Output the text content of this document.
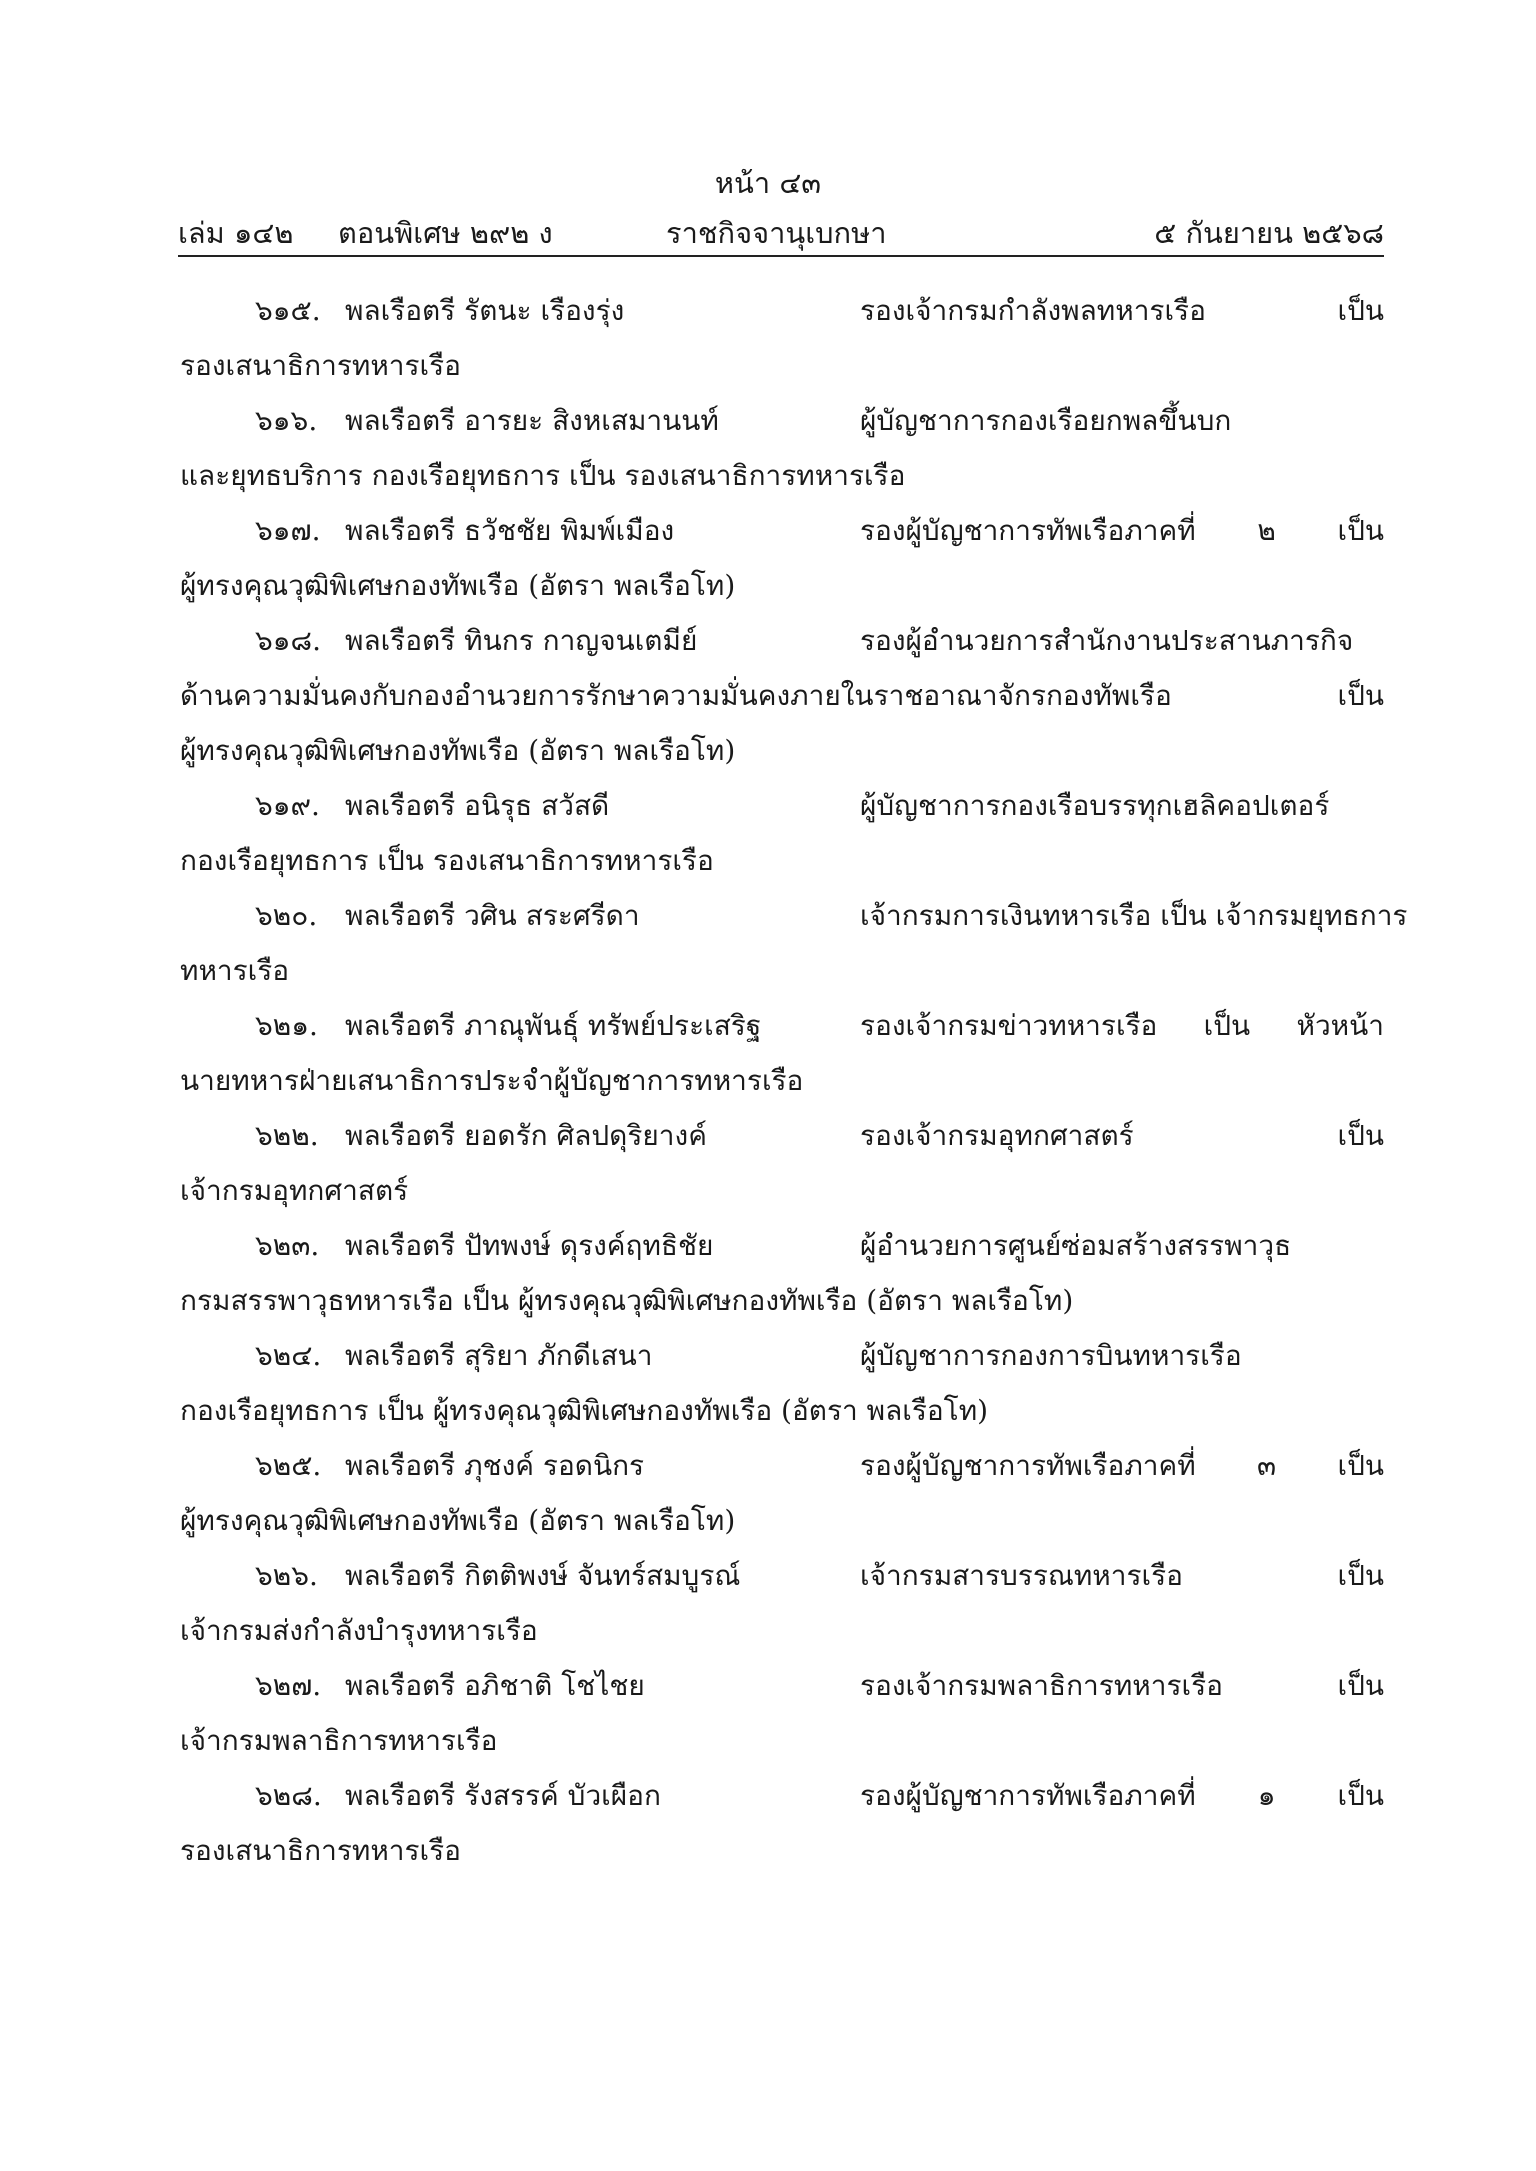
หน้า ๔๓
เล่ม ๑๔๒ ตอนพิเศษ ๒๙๒ ง	ราชกิจจานุเบกษา	๕ กันยายน ๒๕๖๘
๖๑๕. พลเรือตรี รัตนะ เรืองรุ่ง	รองเจ้ากรมกำลังพลทหารเรือ เป็น
รองเสนาธิการทหารเรือ
๖๑๖. พลเรือตรี อารยะ สิงหเสมานนท์	ผู้บัญชาการกองเรือยกพลขึ้นบก
และยุทธบริการ กองเรือยุทธการ เป็น รองเสนาธิการทหารเรือ
๖๑๗. พลเรือตรี ธวัชชัย พิมพ์เมือง	รองผู้บัญชาการทัพเรือภาคที่ ๒ เป็น
ผู้ทรงคุณวุฒิพิเศษกองทัพเรือ (อัตรา พลเรือโท)
๖๑๘. พลเรือตรี ทินกร กาญจนเตมีย์	รองผู้อำนวยการสำนักงานประสานภารกิจ
ด้านความมั่นคงกับกองอำนวยการรักษาความมั่นคงภายในราชอาณาจักรกองทัพเรือ เป็น
ผู้ทรงคุณวุฒิพิเศษกองทัพเรือ (อัตรา พลเรือโท)
๖๑๙. พลเรือตรี อนิรุธ สวัสดี	ผู้บัญชาการกองเรือบรรทุกเฮลิคอปเตอร์
กองเรือยุทธการ เป็น รองเสนาธิการทหารเรือ
๖๒๐. พลเรือตรี วศิน สระศรีดา	เจ้ากรมการเงินทหารเรือ เป็น เจ้ากรมยุทธการ
ทหารเรือ
๖๒๑. พลเรือตรี ภาณุพันธุ์ ทรัพย์ประเสริฐ	รองเจ้ากรมข่าวทหารเรือ เป็น หัวหน้า
นายทหารฝ่ายเสนาธิการประจำผู้บัญชาการทหารเรือ
๖๒๒. พลเรือตรี ยอดรัก ศิลปดุริยางค์	รองเจ้ากรมอุทกศาสตร์ เป็น
เจ้ากรมอุทกศาสตร์
๖๒๓. พลเรือตรี ปัทพงษ์ ดุรงค์ฤทธิชัย	ผู้อำนวยการศูนย์ซ่อมสร้างสรรพาวุธ
กรมสรรพาวุธทหารเรือ เป็น ผู้ทรงคุณวุฒิพิเศษกองทัพเรือ (อัตรา พลเรือโท)
๖๒๔. พลเรือตรี สุริยา ภักดีเสนา	ผู้บัญชาการกองการบินทหารเรือ
กองเรือยุทธการ เป็น ผู้ทรงคุณวุฒิพิเศษกองทัพเรือ (อัตรา พลเรือโท)
๖๒๕. พลเรือตรี ภุชงค์ รอดนิกร	รองผู้บัญชาการทัพเรือภาคที่ ๓ เป็น
ผู้ทรงคุณวุฒิพิเศษกองทัพเรือ (อัตรา พลเรือโท)
๖๒๖. พลเรือตรี กิตติพงษ์ จันทร์สมบูรณ์	เจ้ากรมสารบรรณทหารเรือ เป็น
เจ้ากรมส่งกำลังบำรุงทหารเรือ
๖๒๗. พลเรือตรี อภิชาติ โชไชย	รองเจ้ากรมพลาธิการทหารเรือ เป็น
เจ้ากรมพลาธิการทหารเรือ
๖๒๘. พลเรือตรี รังสรรค์ บัวเผือก	รองผู้บัญชาการทัพเรือภาคที่ ๑ เป็น
รองเสนาธิการทหารเรือ
